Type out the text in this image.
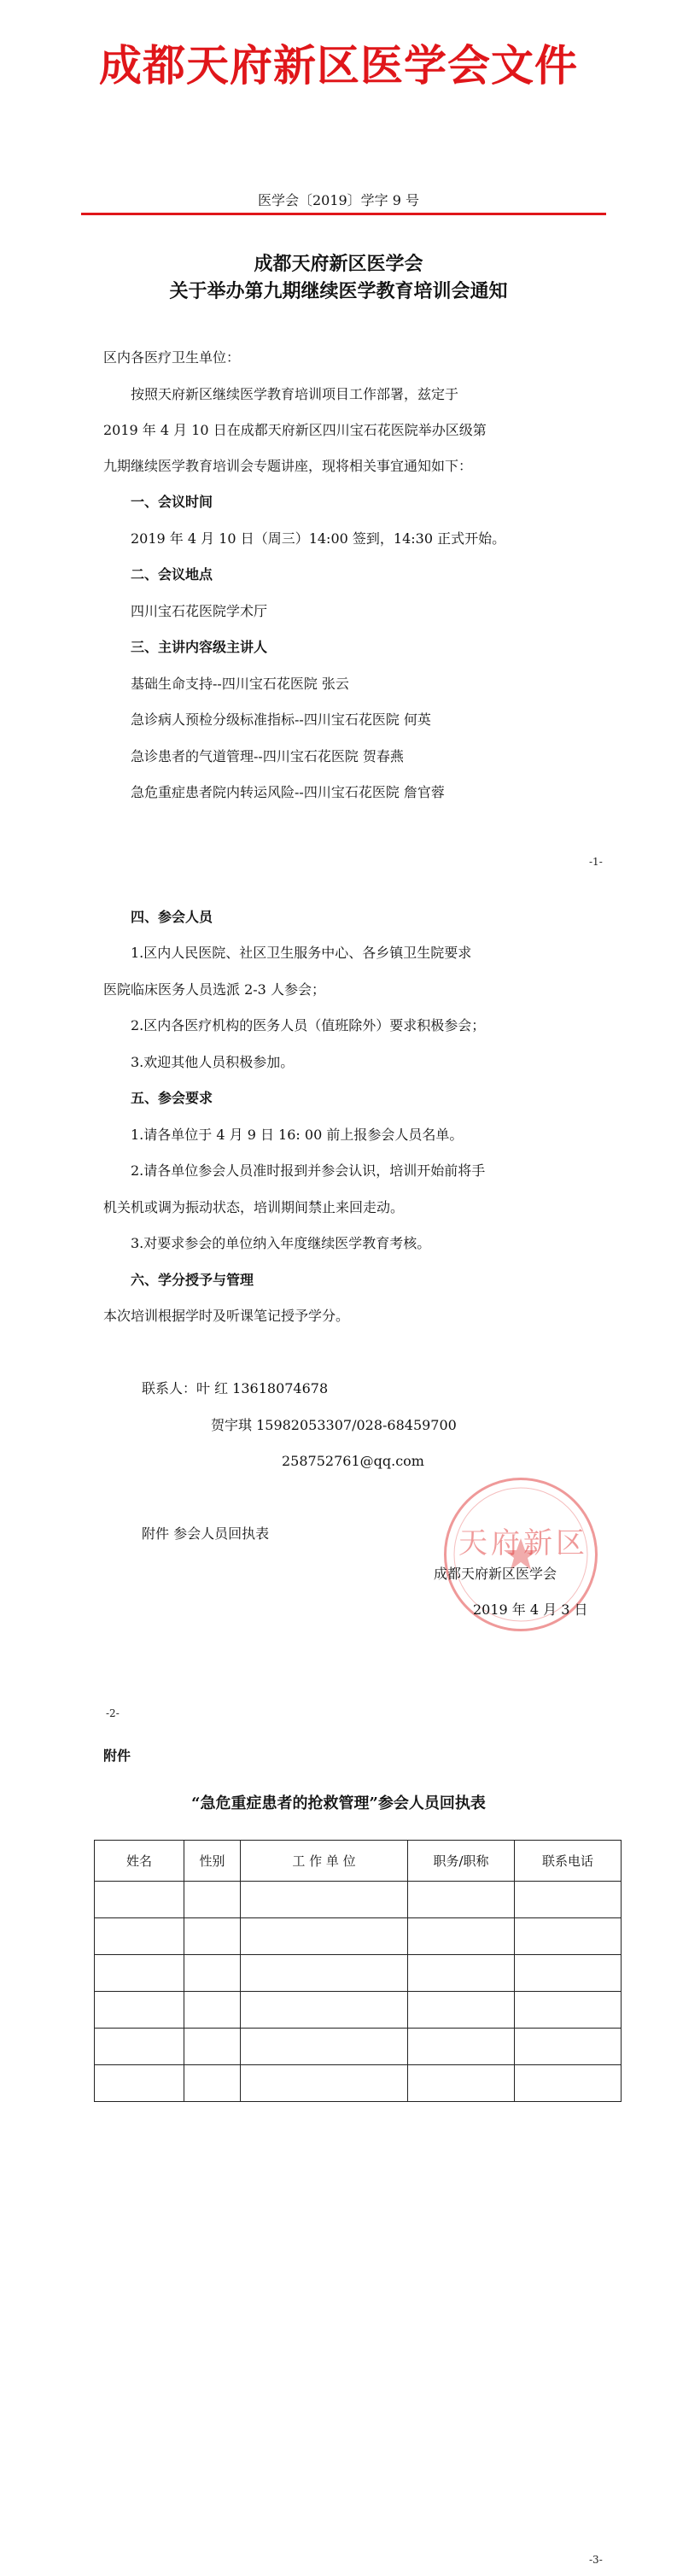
成都天府新区医学会文件
医学会〔2019〕学字 9 号
成都天府新区医学会
关于举办第九期继续医学教育培训会通知
区内各医疗卫生单位：
按照天府新区继续医学教育培训项目工作部署，兹定于
2019 年 4 月 10 日在成都天府新区四川宝石花医院举办区级第
九期继续医学教育培训会专题讲座，现将相关事宜通知如下：
一、会议时间
2019 年 4 月 10 日（周三）14:00 签到，14:30 正式开始。
二、会议地点
四川宝石花医院学术厅
三、主讲内容级主讲人
基础生命支持--四川宝石花医院 张云
急诊病人预检分级标准指标--四川宝石花医院 何英
急诊患者的气道管理--四川宝石花医院 贺春燕
急危重症患者院内转运风险--四川宝石花医院 詹官蓉
-1-
四、参会人员
1.区内人民医院、社区卫生服务中心、各乡镇卫生院要求
医院临床医务人员选派 2-3 人参会；
2.区内各医疗机构的医务人员（值班除外）要求积极参会；
3.欢迎其他人员积极参加。
五、参会要求
1.请各单位于 4 月 9 日 16: 00 前上报参会人员名单。
2.请各单位参会人员准时报到并参会认识，培训开始前将手
机关机或调为振动状态，培训期间禁止来回走动。
3.对要求参会的单位纳入年度继续医学教育考核。
六、学分授予与管理
本次培训根据学时及听课笔记授予学分。
联系人：叶 红 13618074678
贺宇琪 15982053307/028-68459700
258752761@qq.com
附件 参会人员回执表	天府新区
成都天府新区医学会
2019 年 4 月 3 日
-2-
附件
“急危重症患者的抢救管理”参会人员回执表
姓名	性别	工 作 单 位	职务/职称	联系电话

-3-
